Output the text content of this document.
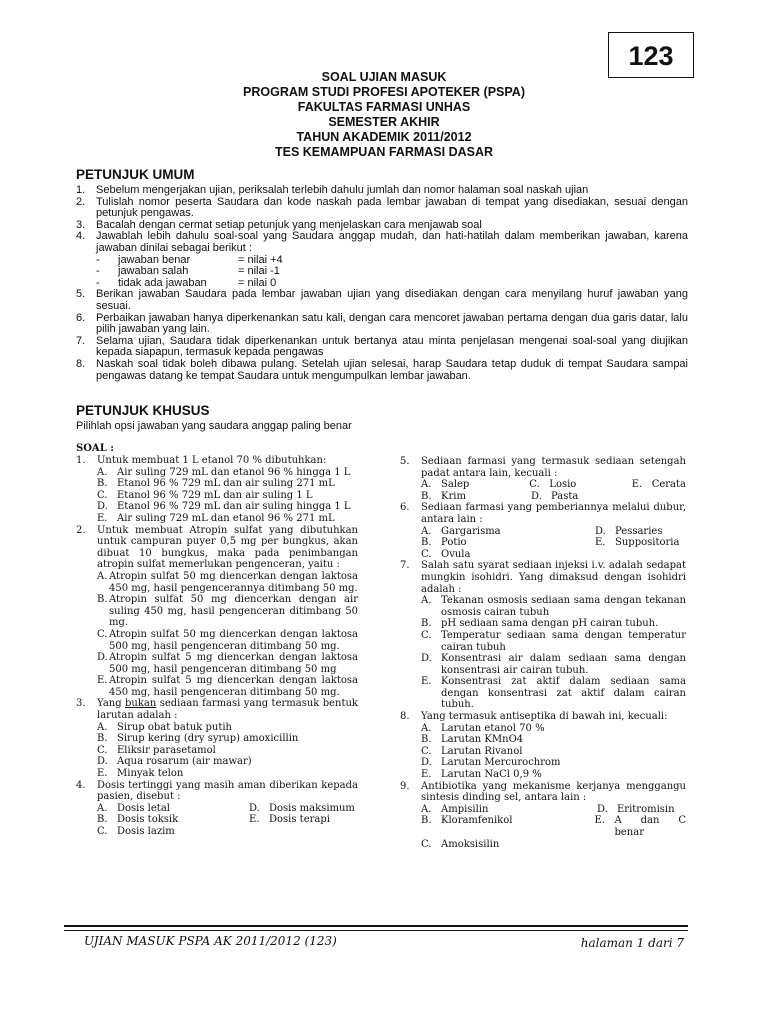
123
SOAL UJIAN MASUK
PROGRAM STUDI PROFESI APOTEKER (PSPA)
FAKULTAS FARMASI UNHAS
SEMESTER AKHIR
TAHUN AKADEMIK 2011/2012
TES KEMAMPUAN FARMASI DASAR
PETUNJUK UMUM
1. Sebelum mengerjakan ujian, periksalah terlebih dahulu jumlah dan nomor halaman soal naskah ujian
2. Tulislah nomor peserta Saudara dan kode naskah pada lembar jawaban di tempat yang disediakan, sesuai dengan petunjuk pengawas.
3. Bacalah dengan cermat setiap petunjuk yang menjelaskan cara menjawab soal
4. Jawablah lebih dahulu soal-soal yang Saudara anggap mudah, dan hati-hatilah dalam memberikan jawaban, karena jawaban dinilai sebagai berikut :
- jawaban benar	= nilai +4
- jawaban salah	= nilai -1
- tidak ada jawaban	= nilai 0
5. Berikan jawaban Saudara pada lembar jawaban ujian yang disediakan dengan cara menyilang huruf jawaban yang sesuai.
6. Perbaikan jawaban hanya diperkenankan satu kali, dengan cara mencoret jawaban pertama dengan dua garis datar, lalu pilih jawaban yang lain.
7. Selama ujian, Saudara tidak diperkenankan untuk bertanya atau minta penjelasan mengenai soal-soal yang diujikan kepada siapapun, termasuk kepada pengawas
8. Naskah soal tidak boleh dibawa pulang. Setelah ujian selesai, harap Saudara tetap duduk di tempat Saudara sampai pengawas datang ke tempat Saudara untuk mengumpulkan lembar jawaban.
PETUNJUK KHUSUS
Pilihlah opsi jawaban yang saudara anggap paling benar
SOAL :
1. Untuk membuat 1 L etanol 70 % dibutuhkan:
A. Air suling 729 mL dan etanol 96 % hingga 1 L
B. Etanol 96 % 729 mL dan air suling 271 mL
C. Etanol 96 % 729 mL dan air suling 1 L
D. Etanol 96 % 729 mL dan air suling hingga 1 L
E. Air suling 729 mL dan etanol 96 % 271 mL
2. Untuk membuat Atropin sulfat yang dibutuhkan untuk campuran puyer 0,5 mg per bungkus, akan dibuat 10 bungkus, maka pada penimbangan atropin sulfat memerlukan pengenceran, yaitu :
A. Atropin sulfat 50 mg diencerkan dengan laktosa 450 mg, hasil pengencerannya ditimbang 50 mg.
B. Atropin sulfat 50 mg diencerkan dengan air suling 450 mg, hasil pengenceran ditimbang 50 mg.
C. Atropin sulfat 50 mg diencerkan dengan laktosa 500 mg, hasil pengenceran ditimbang 50 mg.
D. Atropin sulfat 5 mg diencerkan dengan laktosa 500 mg, hasil pengenceran ditimbang 50 mg
E. Atropin sulfat 5 mg diencerkan dengan laktosa 450 mg, hasil pengenceran ditimbang 50 mg.
3. Yang bukan sediaan farmasi yang termasuk bentuk larutan adalah :
A. Sirup obat batuk putih
B. Sirup kering (dry syrup) amoxicillin
C. Eliksir parasetamol
D. Aqua rosarum (air mawar)
E. Minyak telon
4. Dosis tertinggi yang masih aman diberikan kepada pasien, disebut :
A. Dosis letal	D. Dosis maksimum
B. Dosis toksik	E. Dosis terapi
C. Dosis lazim
5. Sediaan farmasi yang termasuk sediaan setengah padat antara lain, kecuali :
A. Salep	C. Losio	E. Cerata
B. Krim	D. Pasta
6. Sediaan farmasi yang pemberiannya melalui dubur, antara lain :
A. Gargarisma	D. Pessaries
B. Potio	E. Suppositoria
C. Ovula
7. Salah satu syarat sediaan injeksi i.v. adalah sedapat mungkin isohidri. Yang dimaksud dengan isohidri adalah :
A. Tekanan osmosis sediaan sama dengan tekanan osmosis cairan tubuh
B. pH sediaan sama dengan pH cairan tubuh.
C. Temperatur sediaan sama dengan temperatur cairan tubuh
D. Konsentrasi air dalam sediaan sama dengan konsentrasi air cairan tubuh.
E. Konsentrasi zat aktif dalam sediaan sama dengan konsentrasi zat aktif dalam cairan tubuh.
8. Yang termasuk antiseptika di bawah ini, kecuali:
A. Larutan etanol 70 %
B. Larutan KMnO4
C. Larutan Rivanol
D. Larutan Mercurochrom
E. Larutan NaCl 0,9 %
9. Antibiotika yang mekanisme kerjanya menggangu sintesis dinding sel, antara lain :
A. Ampisilin	D. Eritromisin
B. Kloramfenikol	E. A dan C benar
C. Amoksisilin
UJIAN MASUK PSPA AK 2011/2012 (123)	halaman 1 dari 7
